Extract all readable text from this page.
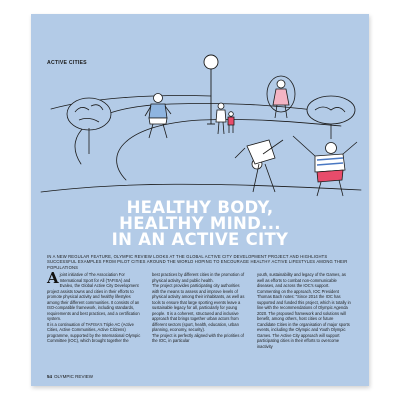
ACTIVE CITIES
HEALTHY BODY,
HEALTHY MIND...
IN AN ACTIVE CITY
IN A NEW REGULAR FEATURE, OLYMPIC REVIEW LOOKS AT THE GLOBAL ACTIVE CITY DEVELOPMENT PROJECT AND HIGHLIGHTS SUCCESSFUL EXAMPLES FROM PILOT CITIES AROUND THE WORLD HOPING TO ENCOURAGE HEALTHY ACTIVE LIFESTYLES AMONG THEIR POPULATIONS
A joint initiative of The Association For International Sport for All (TAFISA) and Evaleo, the Global Active City Development project assists towns and cities in their efforts to promote physical activity and healthy lifestyles among their different communities. It consists of an ISO-compatible framework, including standards, requirements and best practices, and a certification system.
It is a continuation of TAFISA's Triple AC (Active Cities, Active Communities, Active Citizens) programme, supported by the International Olympic Committee (IOC), which brought together the
best practices by different cities in the promotion of physical activity and public health.
The project provides participating city authorities with the means to assess and improve levels of physical activity among their inhabitants, as well as tools to ensure that large sporting events leave a sustainable legacy for all, particularly for young people. It is a coherent, structured and inclusive approach that brings together urban actors from different sectors (sport, health, education, urban planning, economy, security).
The project is perfectly aligned with the priorities of the IOC, in particular
youth, sustainability and legacy of the Games, as well as efforts to combat non-communicable diseases, and across the IOC's support.
Commenting on the approach, IOC President Thomas Bach notes: "Since 2014 the IOC has supported and funded this project, which is totally in line with the recommendations of Olympic Agenda 2020. The proposed framework and solutions will benefit, among others, host cities or future Candidate Cities in the organisation of major sports events, including the Olympic and Youth Olympic Games. The Active City approach will support participating cities in their efforts to overcome inactivity
54 OLYMPIC REVIEW
